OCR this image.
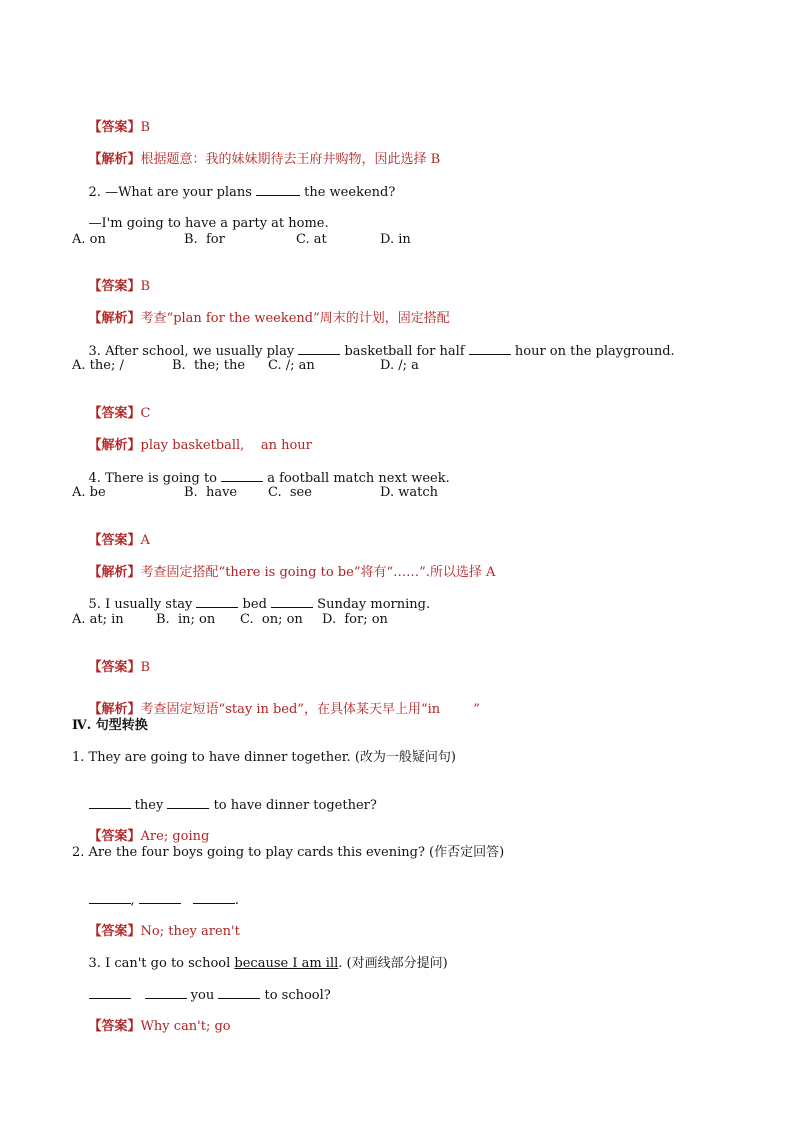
【答案】B

【解析】根据题意：我的妹妹期待去王府井购物，因此选择 B

2. —What are your plans	the weekend?

—I'm going to have a party at home.

A. on

	B.  for

	C. at

	D. in

【答案】B

【解析】考查“plan for the weekend”周末的计划，固定搭配

3. After school, we usually play	basketball for half	hour on the playground.

A. the; /

	B.  the; the

C. /; an

	D. /; a

【答案】C

【解析】play basketball,    an hour

4. There is going to	a football match next week.

A. be

	B.  have

C.  see

	D. watch

【答案】A

【解析】考查固定搭配“there is going to be”将有“……”.所以选择 A

5. I usually stay	bed	Sunday morning.

A. at; in

B.  in; on

C.  on; on

D.  for; on

【答案】B

【解析】考查固定短语“stay in bed”，在具体某天早上用“in        ”

Ⅳ. 句型转换
1. They are going to have dinner together. (改为一般疑问句)

they	to have dinner together?

【答案】Are; going

2. Are the four boys going to play cards this evening? (作否定回答)

,	.

【答案】No; they aren't

3. I can't go to school because I am ill. (对画线部分提问)

you	to school?

【答案】Why can't; go
